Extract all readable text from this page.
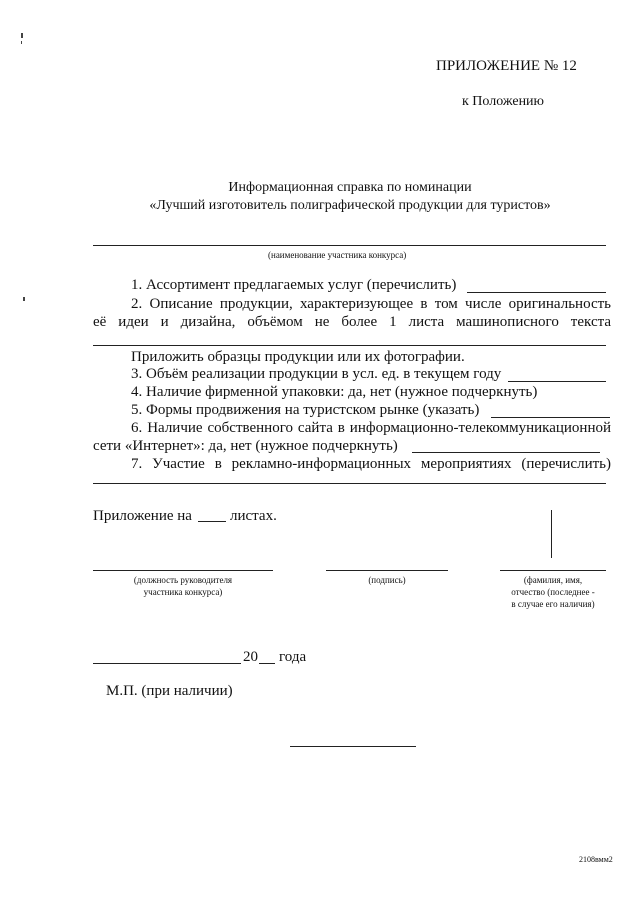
ПРИЛОЖЕНИЕ № 12
к Положению
Информационная справка по номинации
«Лучший изготовитель полиграфической продукции для туристов»
(наименование участника конкурса)
1. Ассортимент предлагаемых услуг (перечислить)
2. Описание продукции, характеризующее в том числе оригинальность
её идеи и дизайна, объёмом не более 1 листа машинописного текста
Приложить образцы продукции или их фотографии.
3. Объём реализации продукции в усл. ед. в текущем году
4. Наличие фирменной упаковки: да, нет (нужное подчеркнуть)
5. Формы продвижения на туристском рынке (указать)
6. Наличие собственного сайта в информационно-телекоммуникационной
сети «Интернет»: да, нет (нужное подчеркнуть)
7. Участие в рекламно-информационных мероприятиях (перечислить)
Приложение на	листах.
(должность руководителя
участника конкурса)
(подпись)	(фамилия, имя,
отчество (последнее -
в случае его наличия)
20 года
М.П. (при наличии)
2108вмм2
